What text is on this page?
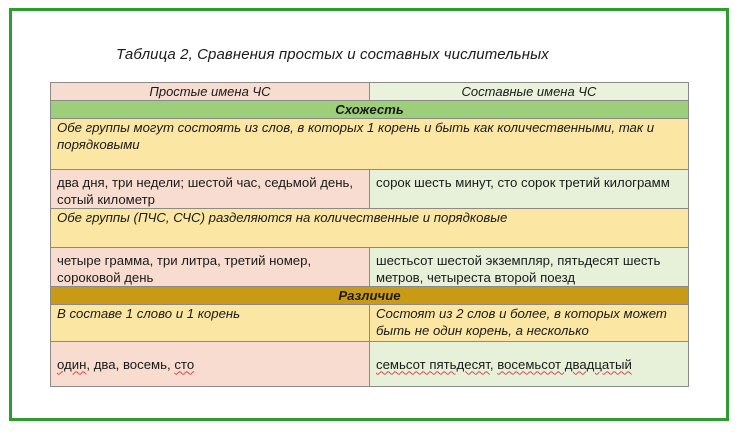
Таблица 2, Сравнения простых и составных числительных
Простые имена ЧС	Составные имена ЧС
Схожесть	
Обе группы могут состоять из слов, в которых 1 корень и быть как количественными, так и порядковыми	
два дня, три недели; шестой час, седьмой день, сотый километр	сорок шесть минут, сто сорок третий килограмм
Обе группы (ПЧС, СЧС) разделяются на количественные и порядковые	
четыре грамма, три литра, третий номер, сороковой день	шестьсот шестой экземпляр, пятьдесят шесть метров, четыреста второй поезд
Различие	
В составе 1 слово и 1 корень	Состоят из 2 слов и более, в которых может быть не один корень, а несколько
один, два, восемь, сто	семьсот пятьдесят, восемьсот двадцатый
